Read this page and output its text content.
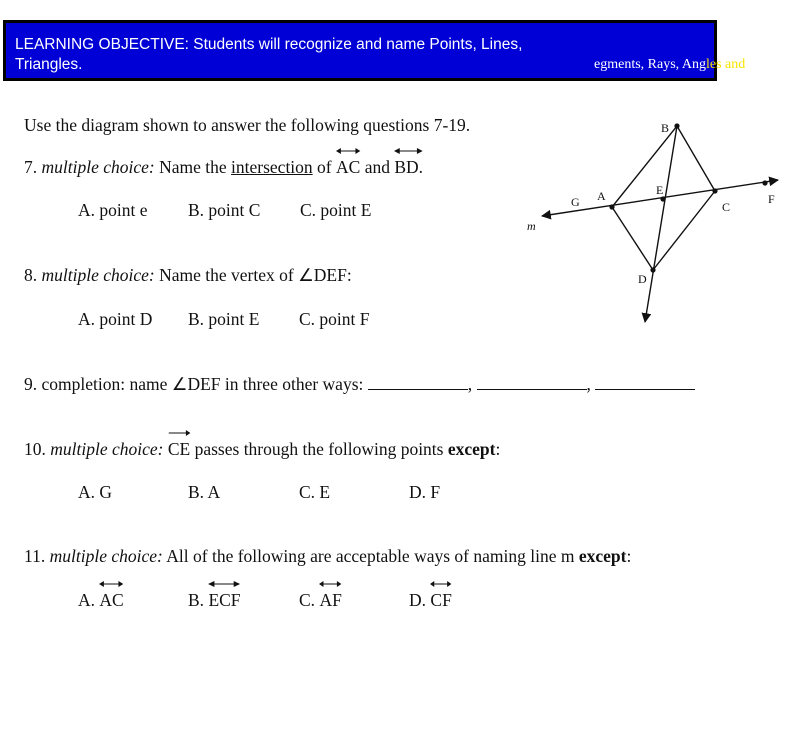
LEARNING OBJECTIVE: Students will recognize and name Points, Lines, Triangles.	egments, Rays, Angles and
Use the diagram shown to answer the following questions 7-19.
7. multiple choice: Name the intersection of AC and BD.
A. point e B. point C C. point E
8. multiple choice: Name the vertex of ∠DEF:
A. point D B. point E C. point F
9. completion: name ∠DEF in three other ways:	,	,
10. multiple choice: CE passes through the following points except:
A. G	B. A	C. E	D. F
11. multiple choice: All of the following are acceptable ways of naming line m except:
A. AC	B. ECF	C. AF	D. CF
B
G A	E
C
F
D
m
